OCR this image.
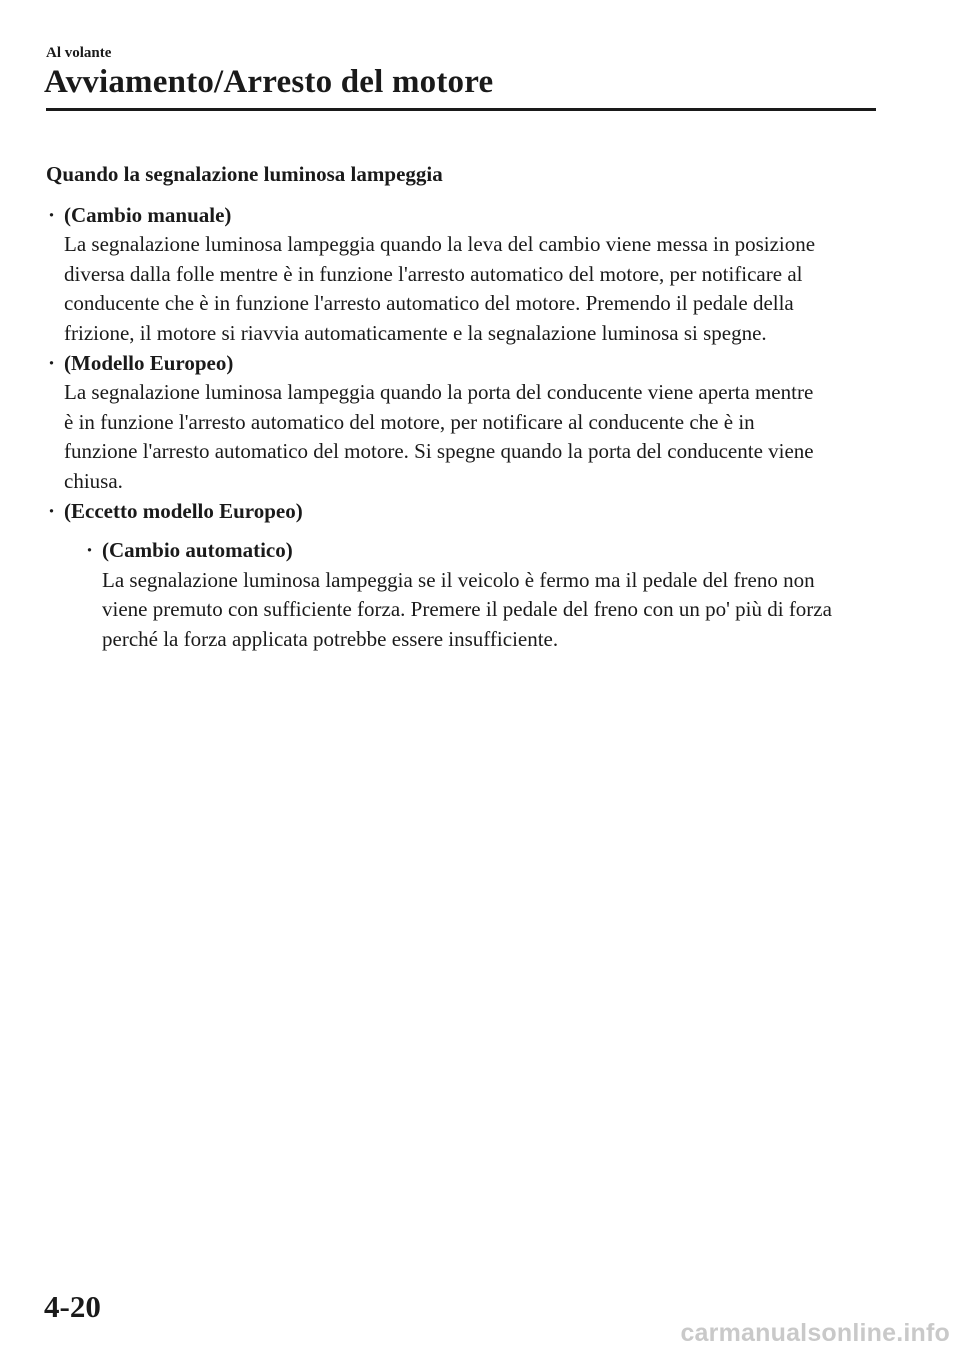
Al volante
Avviamento/Arresto del motore
Quando la segnalazione luminosa lampeggia
· (Cambio manuale)

La segnalazione luminosa lampeggia quando la leva del cambio viene messa in posizione

diversa dalla folle mentre è in funzione l'arresto automatico del motore, per notificare al

conducente che è in funzione l'arresto automatico del motore. Premendo il pedale della

frizione, il motore si riavvia automaticamente e la segnalazione luminosa si spegne.

· (Modello Europeo)

La segnalazione luminosa lampeggia quando la porta del conducente viene aperta mentre

è in funzione l'arresto automatico del motore, per notificare al conducente che è in

funzione l'arresto automatico del motore. Si spegne quando la porta del conducente viene

chiusa.

· (Eccetto modello Europeo)
· (Cambio automatico)

La segnalazione luminosa lampeggia se il veicolo è fermo ma il pedale del freno non

viene premuto con sufficiente forza. Premere il pedale del freno con un po' più di forza

perché la forza applicata potrebbe essere insufficiente.

4-20
carmanualsonline.info
